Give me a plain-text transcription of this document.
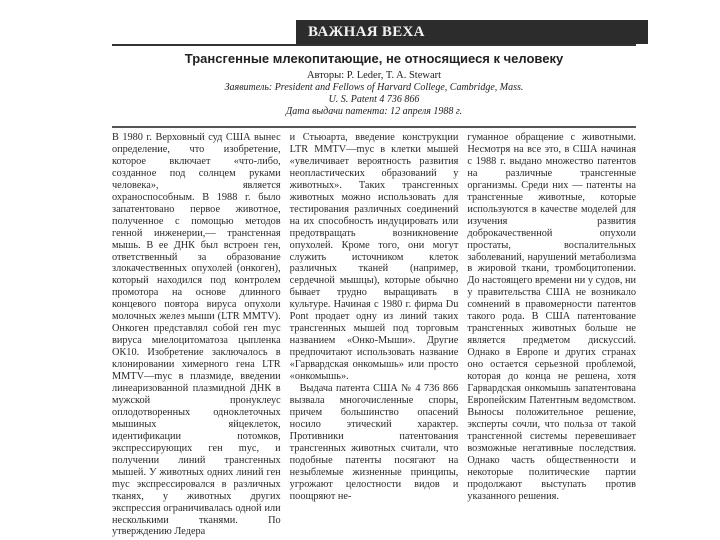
ВАЖНАЯ ВЕХА
Трансгенные млекопитающие, не относящиеся к человеку
Авторы: P. Leder, T. A. Stewart
Заявитель: President and Fellows of Harvard College, Cambridge, Mass.
U. S. Patent 4 736 866
Дата выдачи патента: 12 апреля 1988 г.

В 1980 г. Верховный суд США вынес определение, что изобретение, которое включает «что-либо, созданное под солнцем руками человека», является охраноспособным. В 1988 г. было запатентовано первое животное, полученное с помощью методов генной инженерии,— трансгенная мышь. В ее ДНК был встроен ген, ответственный за образование злокачественных опухолей (онкоген), который находился под контролем промотора на основе длинного концевого повтора вируса опухоли молочных желез мыши (LTR MMTV). Онкоген представлял собой ген myc вируса миелоцитоматоза цыпленка ОК10. Изобретение заключалось в клонировании химерного гена LTR MMTV—myc в плазмиде, введении линеаризованной плазмидной ДНК в мужской пронуклеус оплодотворенных одноклеточных мышиных яйцеклеток, идентификации потомков, экспрессирующих ген myc, и получении линий трансгенных мышей. У животных одних линий ген myc экспрессировался в различных тканях, у животных других экспрессия ограничивалась одной или несколькими тканями. По утверждению Ледера

и Стьюарта, введение конструкции LTR MMTV—myc в клетки мышей «увеличивает вероятность развития неопластических образований у животных». Таких трансгенных животных можно использовать для тестирования различных соединений на их способность индуцировать или предотвращать возникновение опухолей. Кроме того, они могут служить источником клеток различных тканей (например, сердечной мышцы), которые обычно бывает трудно выращивать в культуре. Начиная с 1980 г. фирма Du Pont продает одну из линий таких трансгенных мышей под торговым названием «Онко-Мыши». Другие предпочитают использовать название «Гарвардская онкомышь» или просто «онкомышь».

Выдача патента США № 4 736 866 вызвала многочисленные споры, причем большинство опасений носило этический характер. Противники патентования трансгенных животных считали, что подобные патенты посягают на незыблемые жизненные принципы, угрожают целостности видов и поощряют не-

гуманное обращение с животными. Несмотря на все это, в США начиная с 1988 г. выдано множество патентов на различные трансгенные организмы. Среди них — патенты на трансгенные животные, которые используются в качестве моделей для изучения развития доброкачественной опухоли простаты, воспалительных заболеваний, нарушений метаболизма в жировой ткани, тромбоцитопении. До настоящего времени ни у судов, ни у правительства США не возникало сомнений в правомерности патентов такого рода. В США патентование трансгенных животных больше не является предметом дискуссий. Однако в Европе и других странах оно остается серьезной проблемой, которая до конца не решена, хотя Гарвардская онкомышь запатентована Европейским Патентным ведомством. Выносы положительное решение, эксперты сочли, что польза от такой трансгенной системы перевешивает возможные негативные последствия. Однако часть общественности и некоторые политические партии продолжают выступать против указанного решения.
